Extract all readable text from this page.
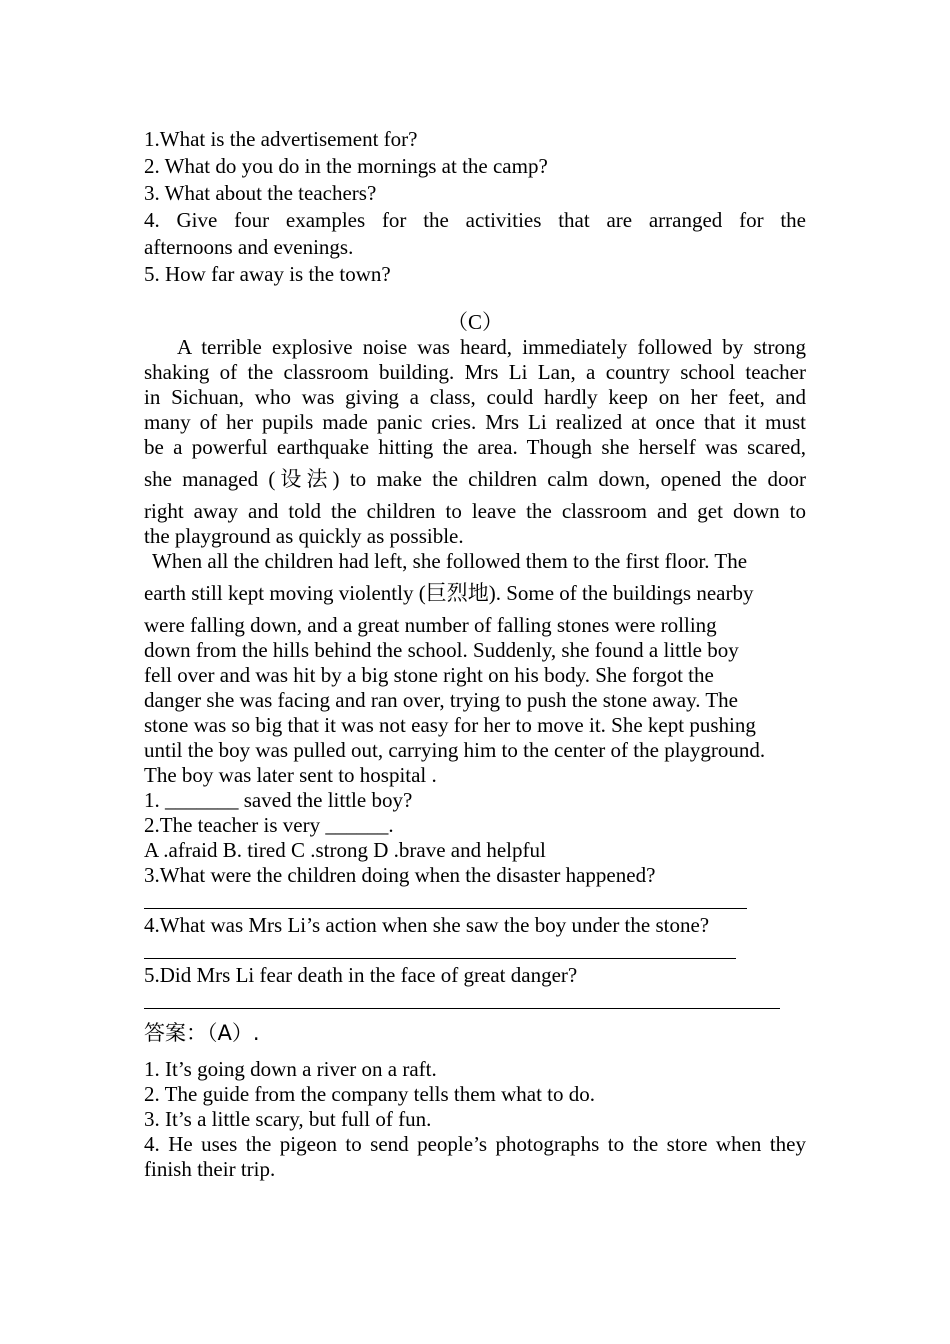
1.What is the advertisement for?
2. What do you do in the mornings at the camp?
3. What about the teachers?
4. Give four examples for the activities that are arranged for the
afternoons and evenings.
5. How far away is the town?
（C）
A terrible explosive noise was heard, immediately followed by strong
shaking of the classroom building. Mrs Li Lan, a country school teacher
in Sichuan, who was giving a class, could hardly keep on her feet, and
many of her pupils made panic cries. Mrs Li realized at once that it must
be a powerful earthquake hitting the area. Though she herself was scared,
she managed (设法) to make the children calm down, opened the door
right away and told the children to leave the classroom and get down to
the playground as quickly as possible.
When all the children had left, she followed them to the first floor. The
earth still kept moving violently (巨烈地). Some of the buildings nearby
were falling down, and a great number of falling stones were rolling
down from the hills behind the school. Suddenly, she found a little boy
fell over and was hit by a big stone right on his body. She forgot the
danger she was facing and ran over, trying to push the stone away. The
stone was so big that it was not easy for her to move it. She kept pushing
until the boy was pulled out, carrying him to the center of the playground.
The boy was later sent to hospital .
1. _______ saved the little boy?
2.The teacher is very ______.
A .afraid B. tired C .strong D .brave and helpful
3.What were the children doing when the disaster happened?
4.What was Mrs Li’s action when she saw the boy under the stone?
5.Did Mrs Li fear death in the face of great danger?
答案：（A）.
1. It’s going down a river on a raft.
2. The guide from the company tells them what to do.
3. It’s a little scary, but full of fun.
4. He uses the pigeon to send people’s photographs to the store when they
finish their trip.
